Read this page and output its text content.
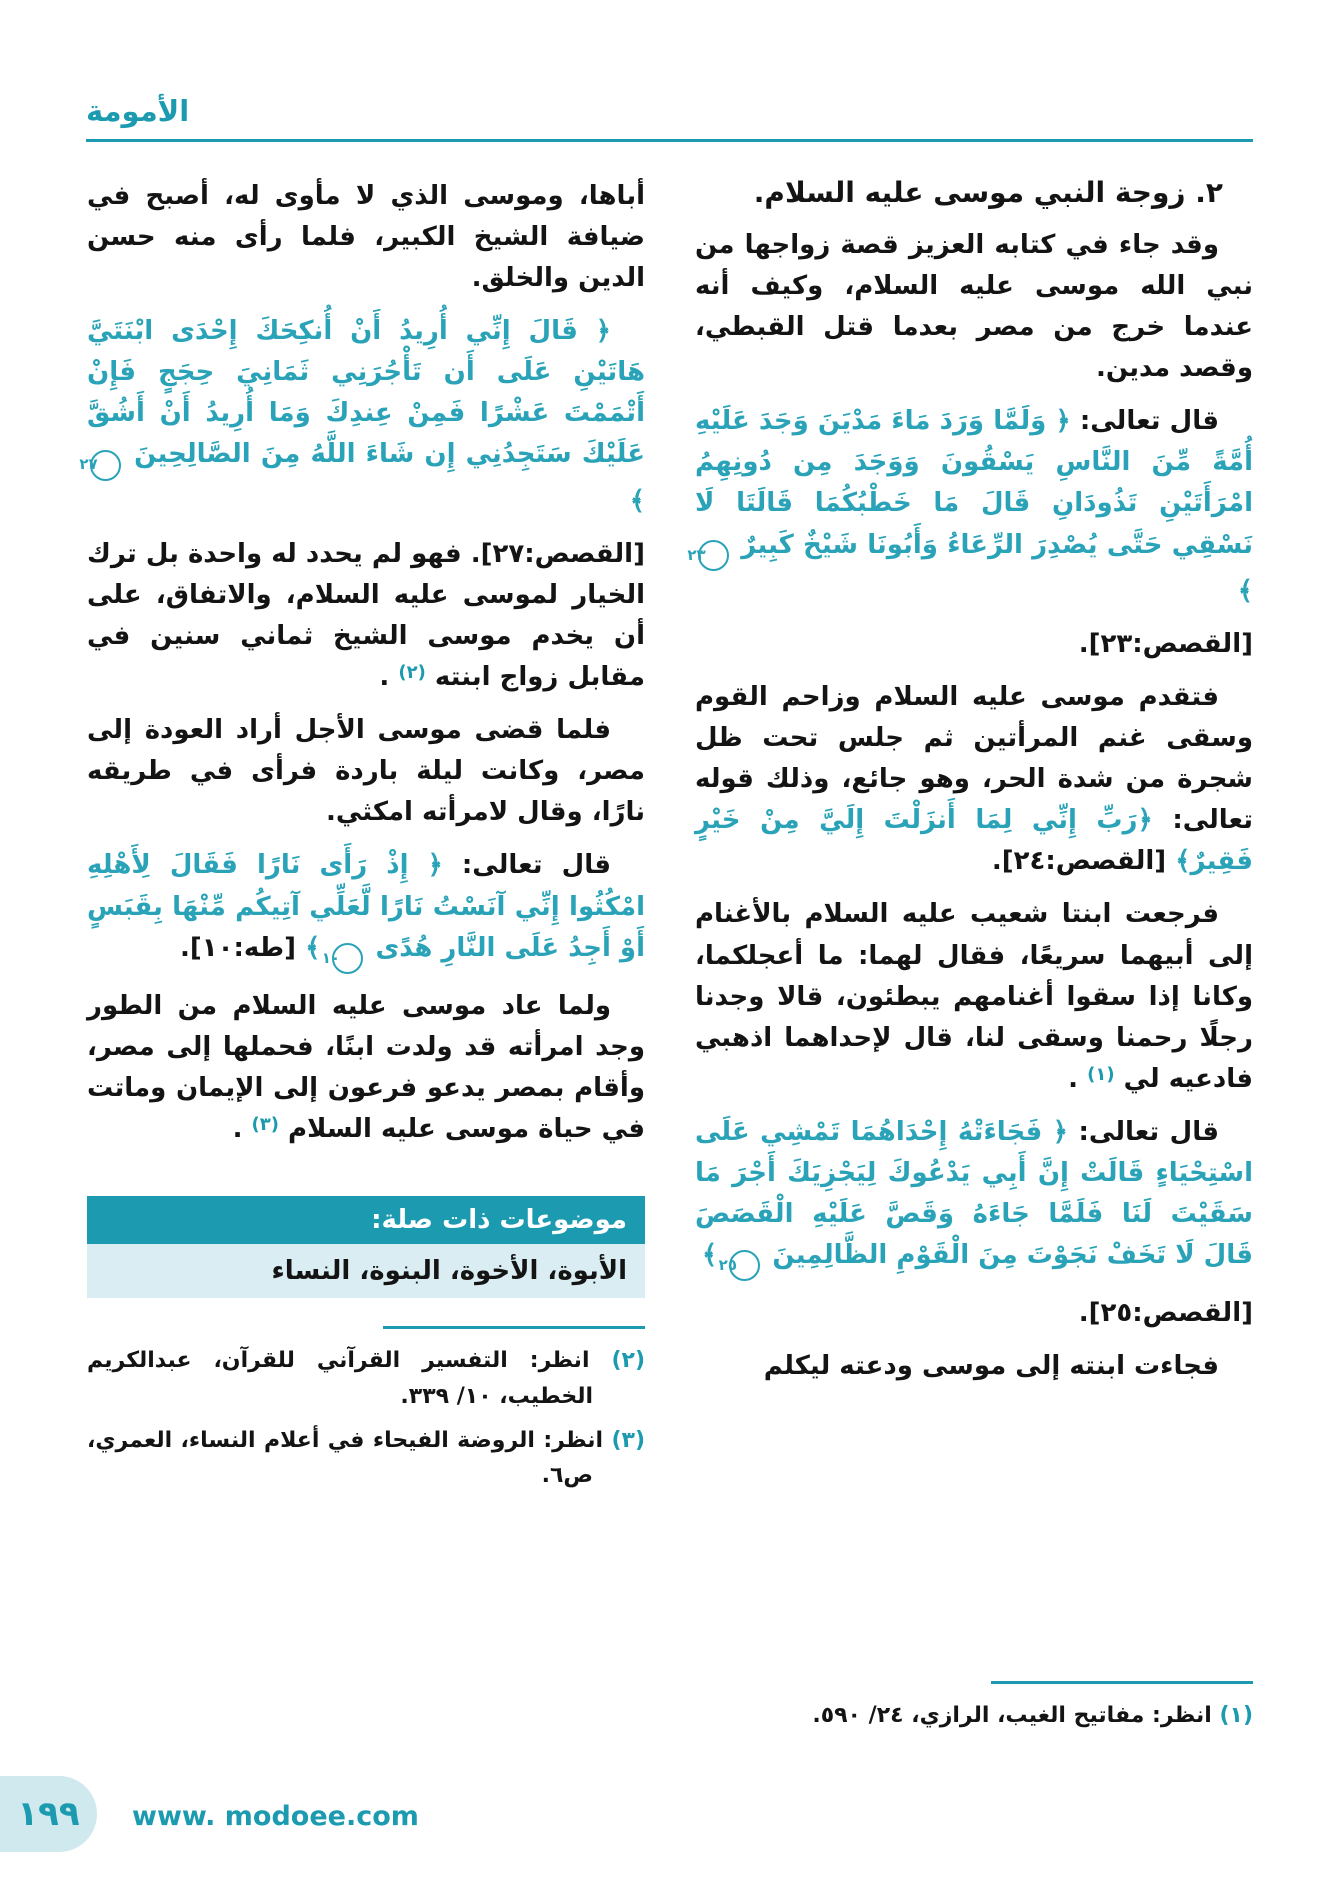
الأمومة
٢. زوجة النبي موسى عليه السلام.

وقد جاء في كتابه العزيز قصة زواجها من نبي الله موسى عليه السلام، وكيف أنه عندما خرج من مصر بعدما قتل القبطي، وقصد مدين.

قال تعالى: ﴿ وَلَمَّا وَرَدَ مَاءَ مَدْيَنَ وَجَدَ عَلَيْهِ أُمَّةً مِّنَ النَّاسِ يَسْقُونَ وَوَجَدَ مِن دُونِهِمُ امْرَأَتَيْنِ تَذُودَانِ قَالَ مَا خَطْبُكُمَا قَالَتَا لَا نَسْقِي حَتَّى يُصْدِرَ الرِّعَاءُ وَأَبُونَا شَيْخٌ كَبِيرٌ ٢٣ ﴾

[القصص:٢٣].

فتقدم موسى عليه السلام وزاحم القوم وسقى غنم المرأتين ثم جلس تحت ظل شجرة من شدة الحر، وهو جائع، وذلك قوله تعالى: ﴿رَبِّ إِنِّي لِمَا أَنزَلْتَ إِلَيَّ مِنْ خَيْرٍ فَقِيرٌ﴾ [القصص:٢٤].

فرجعت ابنتا شعيب عليه السلام بالأغنام إلى أبيهما سريعًا، فقال لهما: ما أعجلكما، وكانا إذا سقوا أغنامهم يبطئون، قالا وجدنا رجلًا رحمنا وسقى لنا، قال لإحداهما اذهبي فادعيه لي $^{(١)}$ .

قال تعالى: ﴿ فَجَاءَتْهُ إِحْدَاهُمَا تَمْشِي عَلَى اسْتِحْيَاءٍ قَالَتْ إِنَّ أَبِي يَدْعُوكَ لِيَجْزِيَكَ أَجْرَ مَا سَقَيْتَ لَنَا فَلَمَّا جَاءَهُ وَقَصَّ عَلَيْهِ الْقَصَصَ قَالَ لَا تَخَفْ نَجَوْتَ مِنَ الْقَوْمِ الظَّالِمِينَ ٢٥ ﴾

[القصص:٢٥].

فجاءت ابنته إلى موسى ودعته ليكلم

(١) انظر: مفاتيح الغيب، الرازي، ٢٤/ ٥٩٠.

أباها، وموسى الذي لا مأوى له، أصبح في ضيافة الشيخ الكبير، فلما رأى منه حسن الدين والخلق.

﴿ قَالَ إِنِّي أُرِيدُ أَنْ أُنكِحَكَ إِحْدَى ابْنَتَيَّ هَاتَيْنِ عَلَى أَن تَأْجُرَنِي ثَمَانِيَ حِجَجٍ فَإِنْ أَتْمَمْتَ عَشْرًا فَمِنْ عِندِكَ وَمَا أُرِيدُ أَنْ أَشُقَّ عَلَيْكَ سَتَجِدُنِي إِن شَاءَ اللَّهُ مِنَ الصَّالِحِينَ ٢٧ ﴾

[القصص:٢٧]. فهو لم يحدد له واحدة بل ترك الخيار لموسى عليه السلام، والاتفاق، على أن يخدم موسى الشيخ ثماني سنين في مقابل زواج ابنته $^{(٢)}$ .

فلما قضى موسى الأجل أراد العودة إلى مصر، وكانت ليلة باردة فرأى في طريقه نارًا، وقال لامرأته امكثي.

قال تعالى: ﴿ إِذْ رَأَى نَارًا فَقَالَ لِأَهْلِهِ امْكُثُوا إِنِّي آنَسْتُ نَارًا لَّعَلِّي آتِيكُم مِّنْهَا بِقَبَسٍ أَوْ أَجِدُ عَلَى النَّارِ هُدًى ١٠ ﴾ [طه:١٠].

ولما عاد موسى عليه السلام من الطور وجد امرأته قد ولدت ابنًا، فحملها إلى مصر، وأقام بمصر يدعو فرعون إلى الإيمان وماتت في حياة موسى عليه السلام $^{(٣)}$ .

موضوعات ذات صلة:
الأبوة، الأخوة، البنوة، النساء

(٢) انظر: التفسير القرآني للقرآن، عبدالكريم الخطيب، ١٠/ ٣٣٩.

(٣) انظر: الروضة الفيحاء في أعلام النساء، العمري، ص٦.

١٩٩ www. modoee.com
